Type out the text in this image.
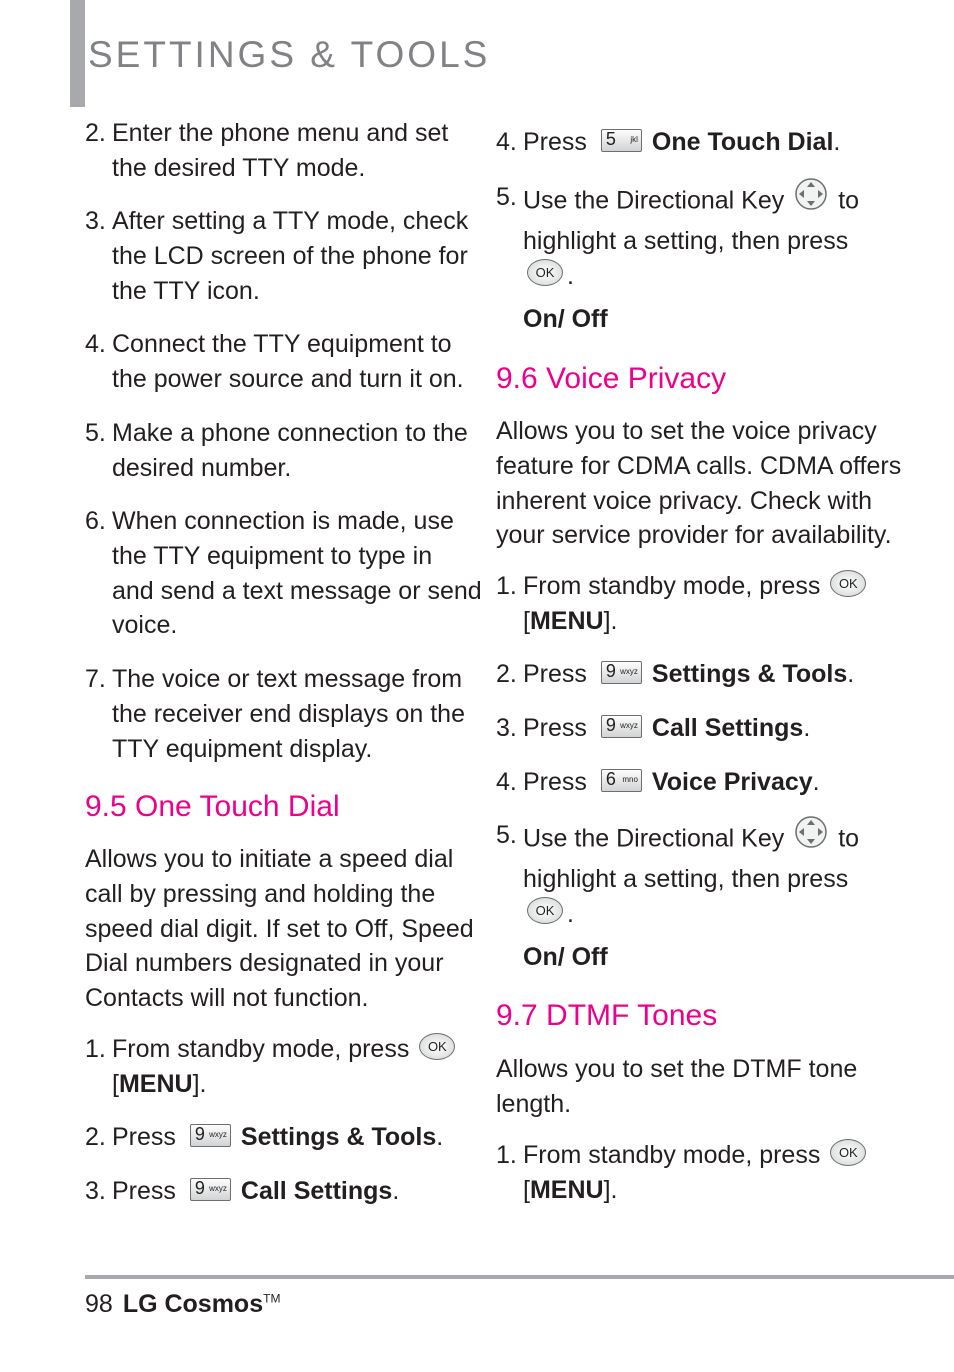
SETTINGS & TOOLS
2. Enter the phone menu and set
the desired TTY mode.
3. After setting a TTY mode, check
the LCD screen of the phone for
the TTY icon.
4. Connect the TTY equipment to
the power source and turn it on.
5. Make a phone connection to the
desired number.
6. When connection is made, use
the TTY equipment to type in
and send a text message or send
voice.
7. The voice or text message from
the receiver end displays on the
TTY equipment display.
9.5 One Touch Dial
Allows you to initiate a speed dial
call by pressing and holding the
speed dial digit. If set to Off, Speed
Dial numbers designated in your
Contacts will not function.
1. From standby mode, press OK
[MENU].
2. Press 9 wxyz Settings & Tools.
3. Press 9 wxyz Call Settings.
4. Press 5 jkl One Touch Dial.
5. Use the Directional Key to
highlight a setting, then press
OK .
On/ Off
9.6 Voice Privacy
Allows you to set the voice privacy
feature for CDMA calls. CDMA offers
inherent voice privacy. Check with
your service provider for availability.
1. From standby mode, press OK
[MENU].
2. Press 9 wxyz Settings & Tools.
3. Press 9 wxyz Call Settings.
4. Press 6 mno Voice Privacy.
5. Use the Directional Key to
highlight a setting, then press
OK .
On/ Off
9.7 DTMF Tones
Allows you to set the DTMF tone
length.
1. From standby mode, press OK
[MENU].
98 LG Cosmos™
